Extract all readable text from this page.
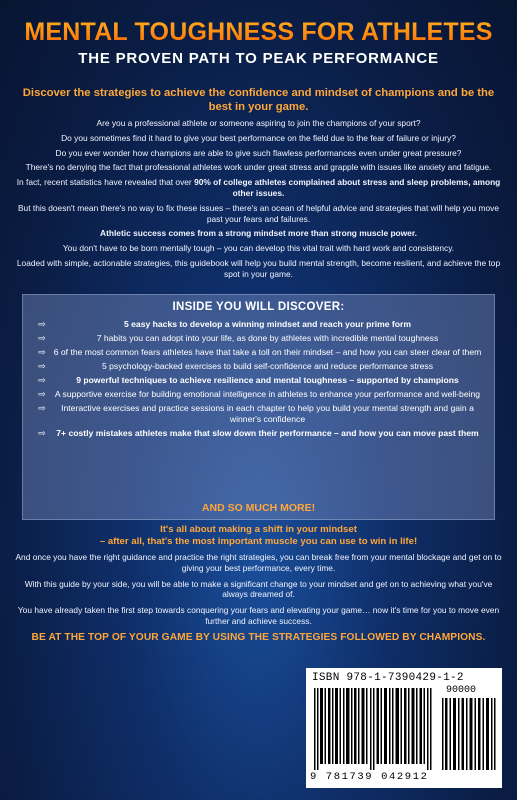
MENTAL TOUGHNESS FOR ATHLETES
THE PROVEN PATH TO PEAK PERFORMANCE
Discover the strategies to achieve the confidence and mindset of champions and be the best in your game.

Are you a professional athlete or someone aspiring to join the champions of your sport?

Do you sometimes find it hard to give your best performance on the field due to the fear of failure or injury?

Do you ever wonder how champions are able to give such flawless performances even under great pressure?

There's no denying the fact that professional athletes work under great stress and grapple with issues like anxiety and fatigue.

In fact, recent statistics have revealed that over 90% of college athletes complained about stress and sleep problems, among other issues.

But this doesn't mean there's no way to fix these issues – there's an ocean of helpful advice and strategies that will help you move past your fears and failures.

Athletic success comes from a strong mindset more than strong muscle power.

You don't have to be born mentally tough – you can develop this vital trait with hard work and consistency.

Loaded with simple, actionable strategies, this guidebook will help you build mental strength, become resilient, and achieve the top spot in your game.

INSIDE YOU WILL DISCOVER:
⇨	5 easy hacks to develop a winning mindset and reach your prime form
⇨	7 habits you can adopt into your life, as done by athletes with incredible mental toughness
⇨ 6 of the most common fears athletes have that take a toll on their mindset – and how you can steer clear of them
⇨	5 psychology-backed exercises to build self-confidence and reduce performance stress
⇨	9 powerful techniques to achieve resilience and mental toughness – supported by champions
⇨	A supportive exercise for building emotional intelligence in athletes to enhance your performance and well-being
⇨	Interactive exercises and practice sessions in each chapter to help you build your mental strength and gain a winner's confidence
⇨	7+ costly mistakes athletes make that slow down their performance – and how you can move past them
AND SO MUCH MORE!
It's all about making a shift in your mindset
– after all, that's the most important muscle you can use to win in life!

And once you have the right guidance and practice the right strategies, you can break free from your mental blockage and get on to giving your best performance, every time.

With this guide by your side, you will be able to make a significant change to your mindset and get on to achieving what you've always dreamed of.

You have already taken the first step towards conquering your fears and elevating your game… now it's time for you to move even further and achieve success.

BE AT THE TOP OF YOUR GAME BY USING THE STRATEGIES FOLLOWED BY CHAMPIONS.
ISBN 978-1-7390429-1-2
90000
9 781739 042912
